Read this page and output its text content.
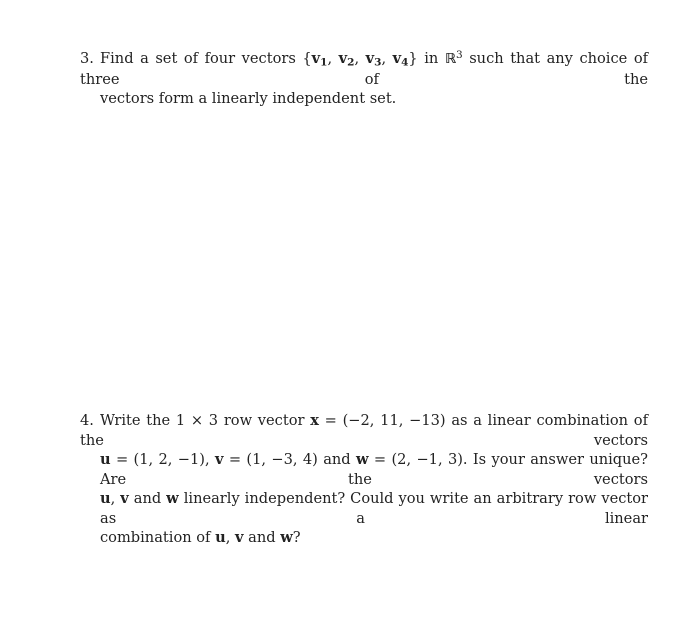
3. Find a set of four vectors {$v_1$, $v_2$, $v_3$, $v_4$} in ℝ$^3$ such that any choice of three of the
vectors form a linearly independent set.
4. Write the 1 × 3 row vector x = (−2, 11, −13) as a linear combination of the vectors
u = (1, 2, −1), v = (1, −3, 4) and w = (2, −1, 3). Is your answer unique? Are the vectors
u, v and w linearly independent? Could you write an arbitrary row vector as a linear
combination of u, v and w?
